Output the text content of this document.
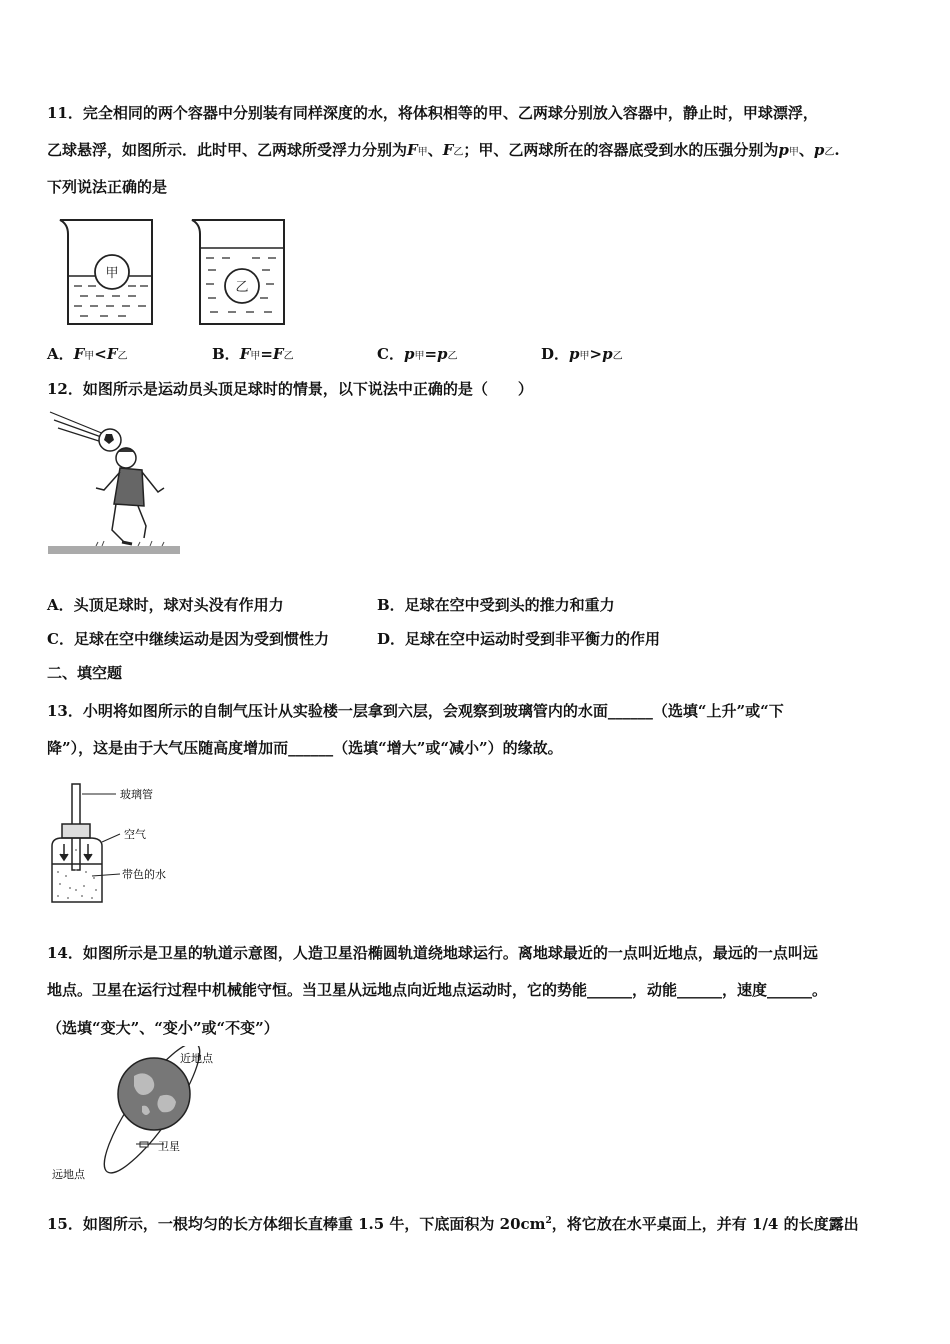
11．完全相同的两个容器中分别装有同样深度的水，将体积相等的甲、乙两球分别放入容器中，静止时，甲球漂浮，
乙球悬浮，如图所示．此时甲、乙两球所受浮力分别为F甲、F乙；甲、乙两球所在的容器底受到水的压强分别为p甲、p乙.
下列说法正确的是
甲
乙
A．F甲<F乙	B．F甲=F乙	C．p甲=p乙	D．p甲>p乙
12．如图所示是运动员头顶足球时的情景，以下说法中正确的是（　　）
A．头顶足球时，球对头没有作用力	B．足球在空中受到头的推力和重力
C．足球在空中继续运动是因为受到惯性力	D．足球在空中运动时受到非平衡力的作用
二、填空题
13．小明将如图所示的自制气压计从实验楼一层拿到六层，会观察到玻璃管内的水面______（选填“上升”或“下
降”），这是由于大气压随高度增加而______（选填“增大”或“减小”）的缘故。
玻璃管
空气
带色的水
14．如图所示是卫星的轨道示意图，人造卫星沿椭圆轨道绕地球运行。离地球最近的一点叫近地点，最远的一点叫远
地点。卫星在运行过程中机械能守恒。当卫星从远地点向近地点运动时，它的势能______，动能______，速度______。
（选填“变大”、“变小”或“不变”）
近地点
卫星
远地点
15．如图所示，一根均匀的长方体细长直棒重 1.5 牛，下底面积为 $20cm^2$，将它放在水平桌面上，并有 1/4 的长度露出
